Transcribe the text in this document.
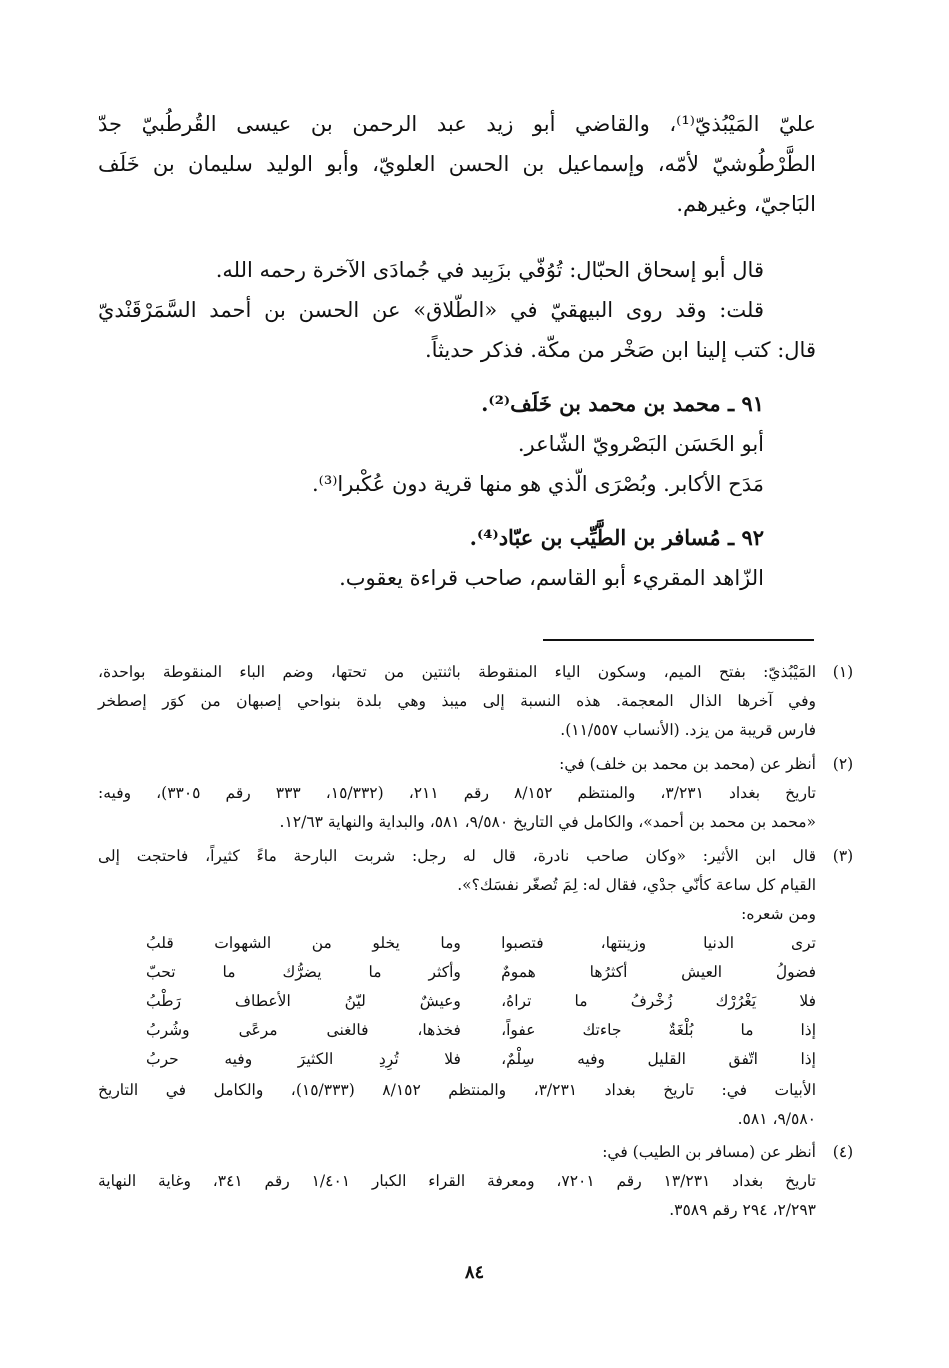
عليّ المَيْبُذيّ⁽¹⁾، والقاضي أبو زيد عبد الرحمن بن عيسى القُرطُبيّ جدّ
الطَّرْطُوشيّ لأمّه، وإسماعيل بن الحسن العلويّ، وأبو الوليد سليمان بن خَلَف
البَاجيّ، وغيرهم.
قال أبو إسحاق الحبّال: تُوُفّي بزَبِيد في جُمادَى الآخرة رحمه الله.
قلت: وقد روى البيهقيّ في «الطّلاق» عن الحسن بن أحمد السَّمَرْقَنْديّ
قال: كتب إلينا ابن صَخْر من مكّة. فذكر حديثاً.
٩١ ـ محمد بن محمد بن خَلَف⁽²⁾.
أبو الحَسَن البَصْرويّ الشّاعر.
مَدَح الأكابر. وبُصْرَى الّذي هو منها قرية دون عُكْبرا⁽³⁾.
٩٢ ـ مُسافر بن الطَّيِّب بن عبّاد⁽⁴⁾.
الزّاهد المقريء أبو القاسم، صاحب قراءة يعقوب.
(١)
المَيْبُذيّ: بفتح الميم، وسكون الياء المنقوطة باثنتين من تحتها، وضم الباء المنقوطة بواحدة،
وفي آخرها الذال المعجمة. هذه النسبة إلى ميبذ وهي بلدة بنواحي إصبهان من كوَر إصطخر
فارس قريبة من يزد. (الأنساب ١١/٥٥٧).
(٢)
أنظر عن (محمد بن محمد بن خلف) في:
تاريخ بغداد ٣/٢٣١، والمنتظم ٨/١٥٢ رقم ٢١١، (١٥/٣٣٢، ٣٣٣ رقم ٣٣٠٥)، وفيه:
«محمد بن محمد بن أحمد»، والكامل في التاريخ ٩/٥٨٠، ٥٨١، والبداية والنهاية ١٢/٦٣.
(٣)
قال ابن الأثير: «وكان صاحب نادرة، قال له رجل: شربت البارحة ماءً كثيراً، فاحتجت إلى
القيام كل ساعة كأنّي جدْي، فقال له: لِمَ تُصغّر نفسَك؟».
ومن شعره:
ترى الدنيا وزينتها، فتصبوا
وما يخلو من الشهوات قلبُ
فضولُ العيش أكثرُها همومٌ
وأكثر ما يضرُّك ما تحبّ
فلا يَغْرُرْك زُخْرفُ ما تراهُ،
وعيشٌ ليّنُ الأعطاف رَطْبُ
إذا ما بُلْغَةٌ جاءتك عفواً،
فخذها، فالغنى مرعًى وشُربُ
إذا اتّفق القليل وفيه سِلْمٌ،
فلا تُرِدِ الكثيرَ وفيه حربُ
الأبيات في: تاريخ بغداد ٣/٢٣١، والمنتظم ٨/١٥٢ (١٥/٣٣٣)، والكامل في التاريخ
٩/٥٨٠، ٥٨١.
(٤)
أنظر عن (مسافر بن الطيب) في:
تاريخ بغداد ١٣/٢٣١ رقم ٧٢٠١، ومعرفة القراء الكبار ١/٤٠١ رقم ٣٤١، وغاية النهاية
٢/٢٩٣، ٢٩٤ رقم ٣٥٨٩.
٨٤
